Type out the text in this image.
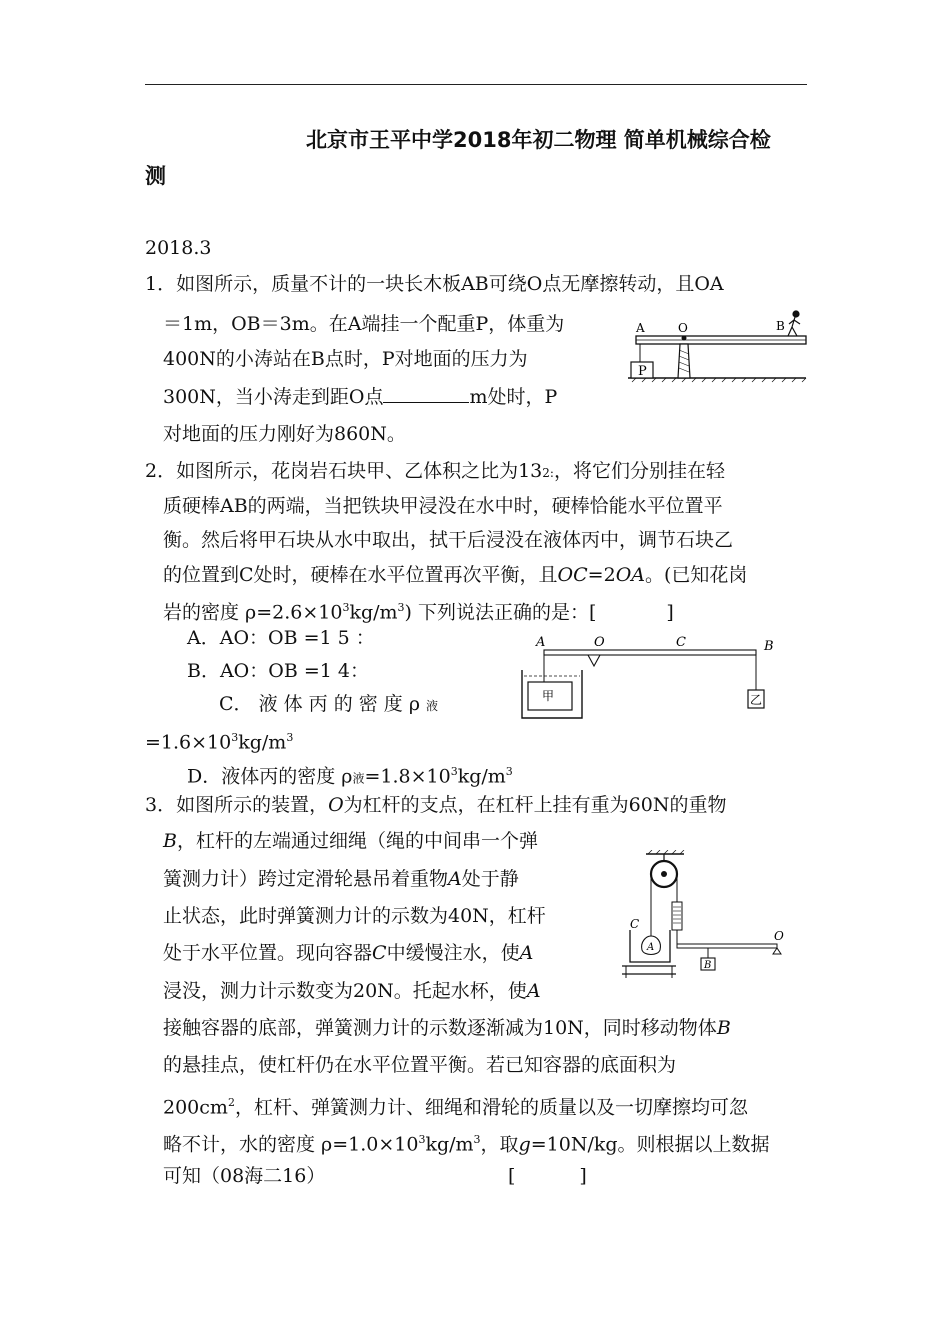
北京市王平中学2018年初二物理 简单机械综合检
测
2018.3
1．如图所示，质量不计的一块长木板AB可绕O点无摩擦转动，且OA
＝1m，OB＝3m。在A端挂一个配重P，体重为
400N的小涛站在B点时，P对地面的压力为
300N，当小涛走到距O点	m处时，P
对地面的压力刚好为860N。
P
A	O	B
2．如图所示，花岗岩石块甲、乙体积之比为132:，将它们分别挂在轻
质硬棒AB的两端，当把铁块甲浸没在水中时，硬棒恰能水平位置平
衡。然后将甲石块从水中取出，拭干后浸没在液体丙中，调节石块乙
的位置到C处时，硬棒在水平位置再次平衡，且OC=2OA。(已知花岗
岩的密度 $\rho=2.6\times 10^3kg/m^3$) 下列说法正确的是：[	]
A．AO：OB =1 5 ：
B．AO：OB =1 4：
C． 液 体 丙 的 密 度 ρ 液
$=1.6\times 10^3kg/m^3$
D．液体丙的密度 ρ液$=1.8\times 10^3kg/m^3$
A	O	C	B
甲	乙
3．如图所示的装置，O为杠杆的支点，在杠杆上挂有重为60N的重物
B，杠杆的左端通过细绳（绳的中间串一个弹
簧测力计）跨过定滑轮悬吊着重物A处于静
止状态，此时弹簧测力计的示数为40N，杠杆
处于水平位置。现向容器C中缓慢注水，使A
浸没，测力计示数变为20N。托起水杯，使A
接触容器的底部，弹簧测力计的示数逐渐减为10N，同时移动物体B
的悬挂点，使杠杆仍在水平位置平衡。若已知容器的底面积为
$200cm^2$，杠杆、弹簧测力计、细绳和滑轮的质量以及一切摩擦均可忽
略不计，水的密度 $\rho=1.0\times 10^3kg/m^3$，取g=10N/kg。则根据以上数据
可知（08海二16）	[	]
O
B
C
A
